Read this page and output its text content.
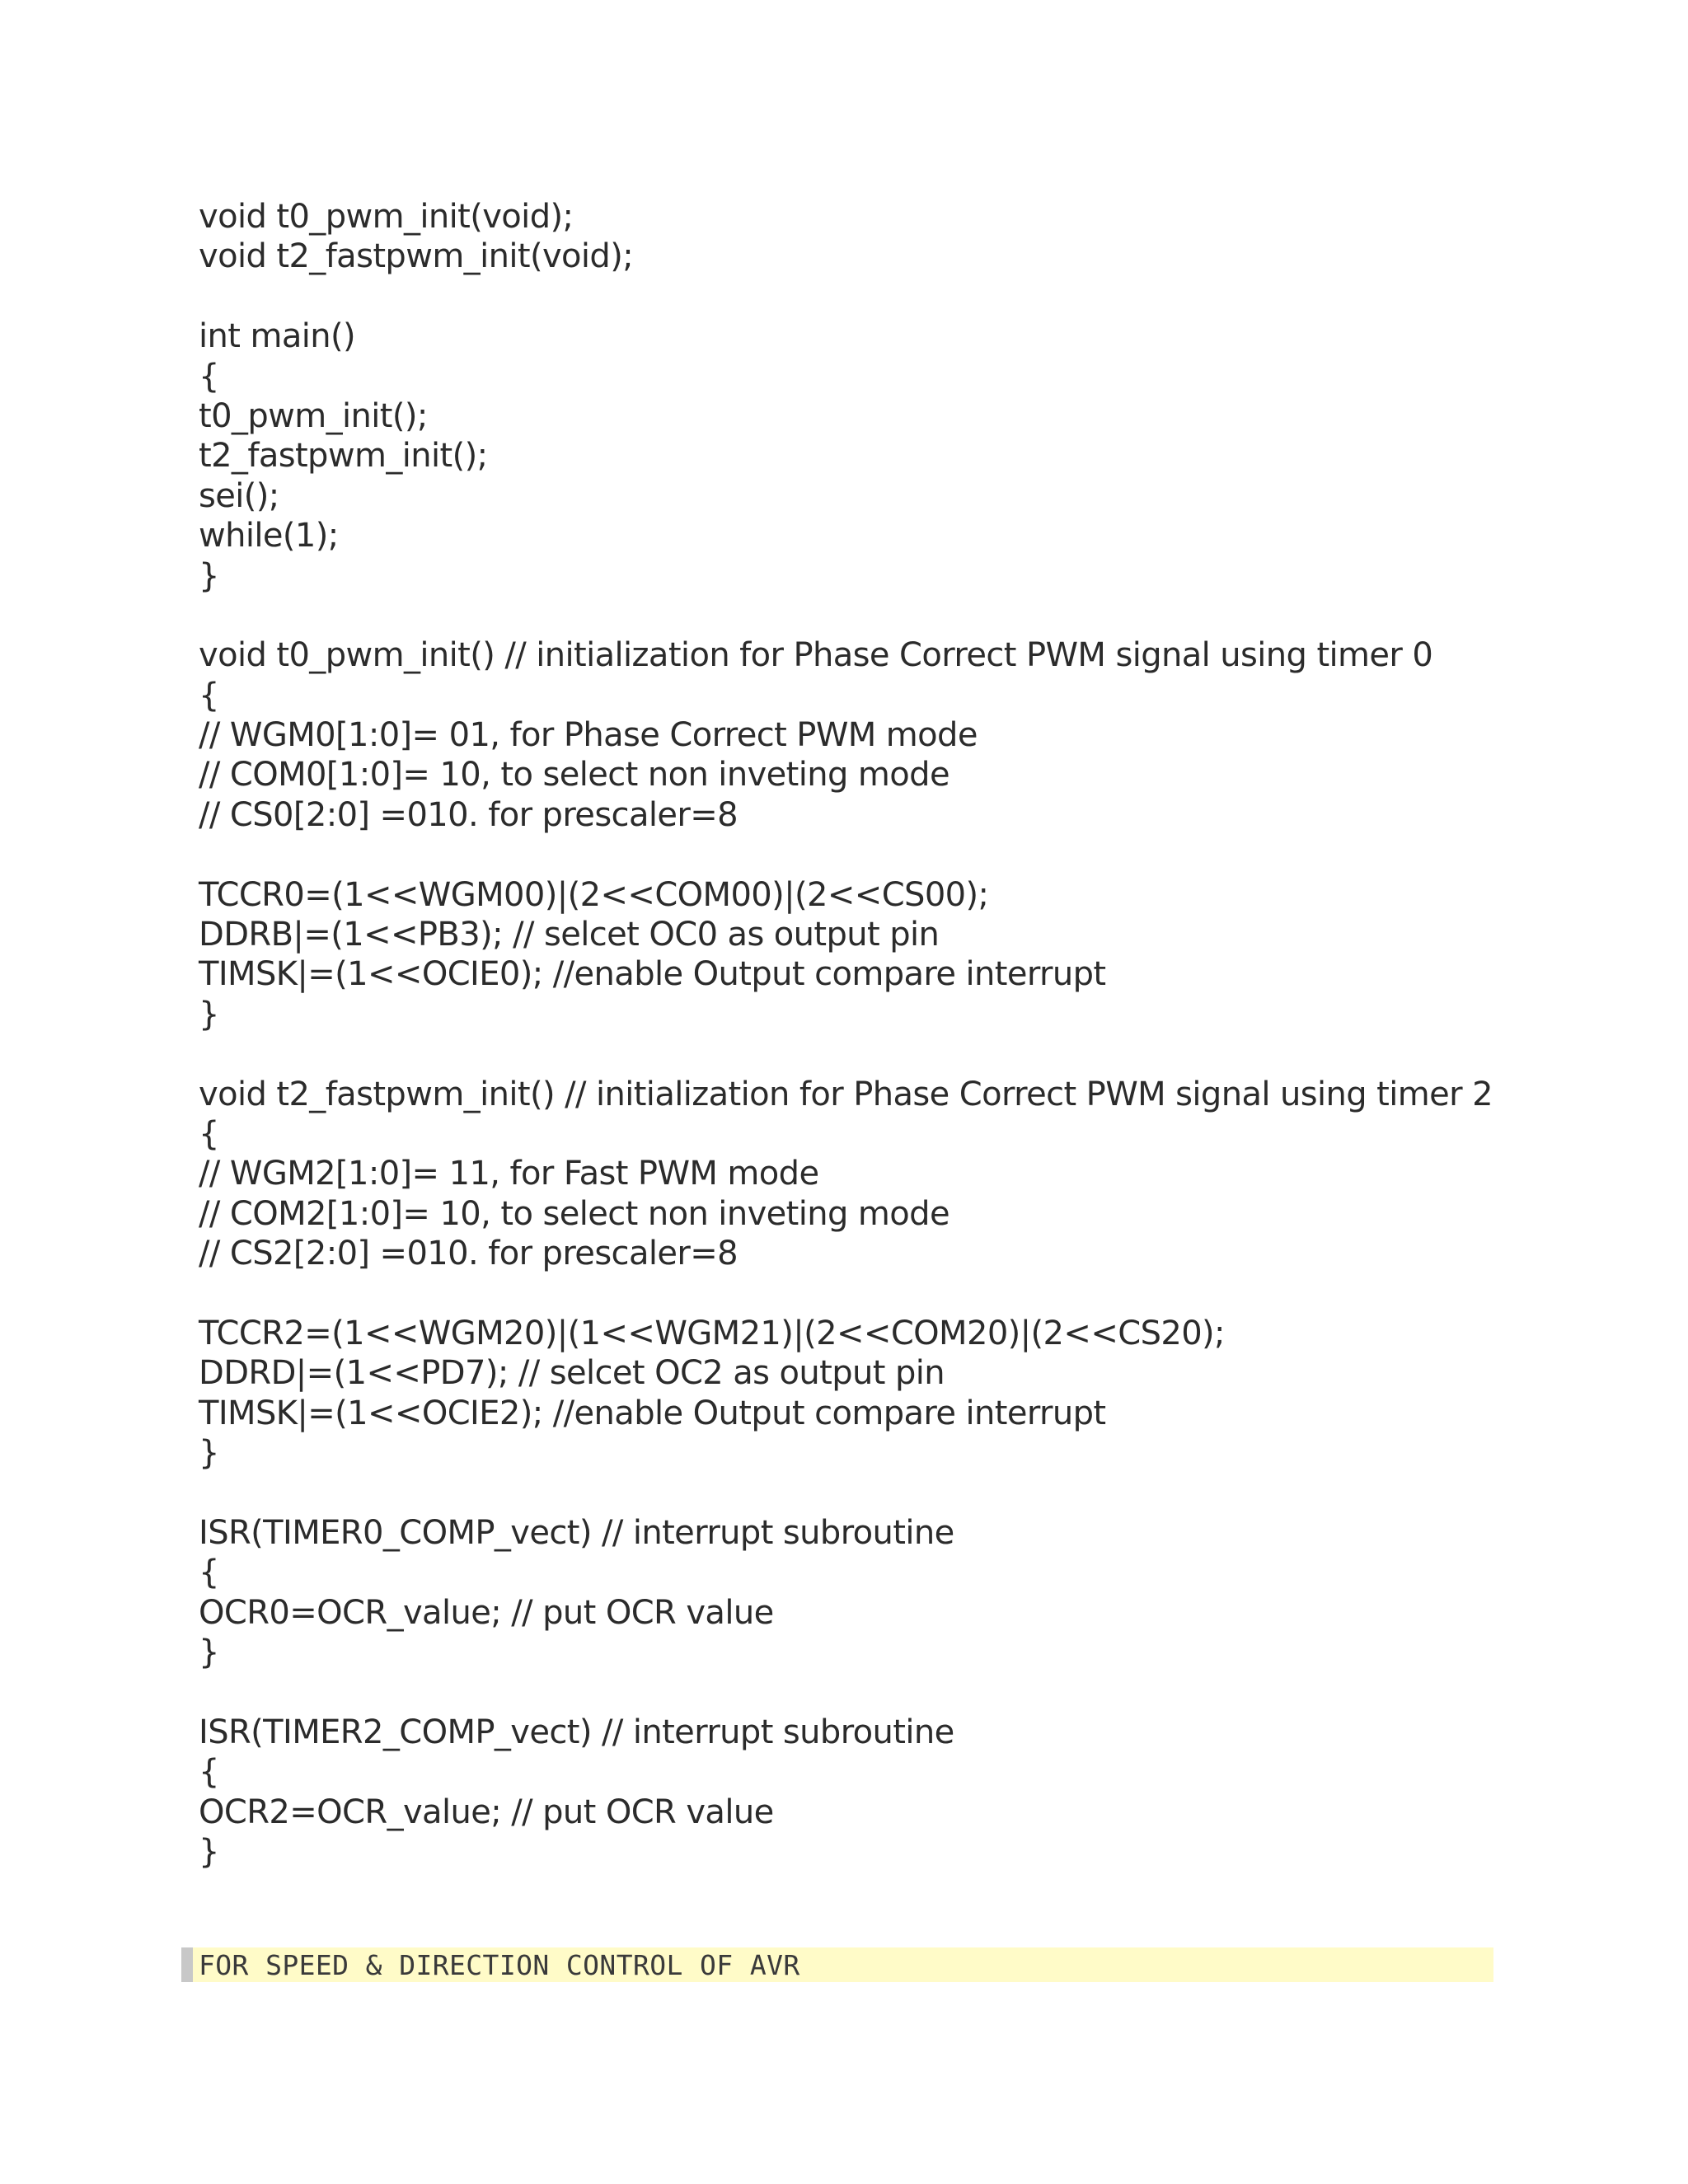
void t0_pwm_init(void);
void t2_fastpwm_init(void);
int main()
{
t0_pwm_init();
t2_fastpwm_init();
sei();
while(1);
}
void t0_pwm_init() // initialization for Phase Correct PWM signal using timer 0
{
// WGM0[1:0]= 01, for Phase Correct PWM mode
// COM0[1:0]= 10, to select non inveting mode
// CS0[2:0] =010. for prescaler=8
TCCR0=(1<<WGM00)|(2<<COM00)|(2<<CS00);
DDRB|=(1<<PB3); // selcet OC0 as output pin
TIMSK|=(1<<OCIE0); //enable Output compare interrupt
}
void t2_fastpwm_init() // initialization for Phase Correct PWM signal using timer 2
{
// WGM2[1:0]= 11, for Fast PWM mode
// COM2[1:0]= 10, to select non inveting mode
// CS2[2:0] =010. for prescaler=8
TCCR2=(1<<WGM20)|(1<<WGM21)|(2<<COM20)|(2<<CS20);
DDRD|=(1<<PD7); // selcet OC2 as output pin
TIMSK|=(1<<OCIE2); //enable Output compare interrupt
}
ISR(TIMER0_COMP_vect) // interrupt subroutine
{
OCR0=OCR_value; // put OCR value
}
ISR(TIMER2_COMP_vect) // interrupt subroutine
{
OCR2=OCR_value; // put OCR value
}
FOR SPEED & DIRECTION CONTROL OF AVR
